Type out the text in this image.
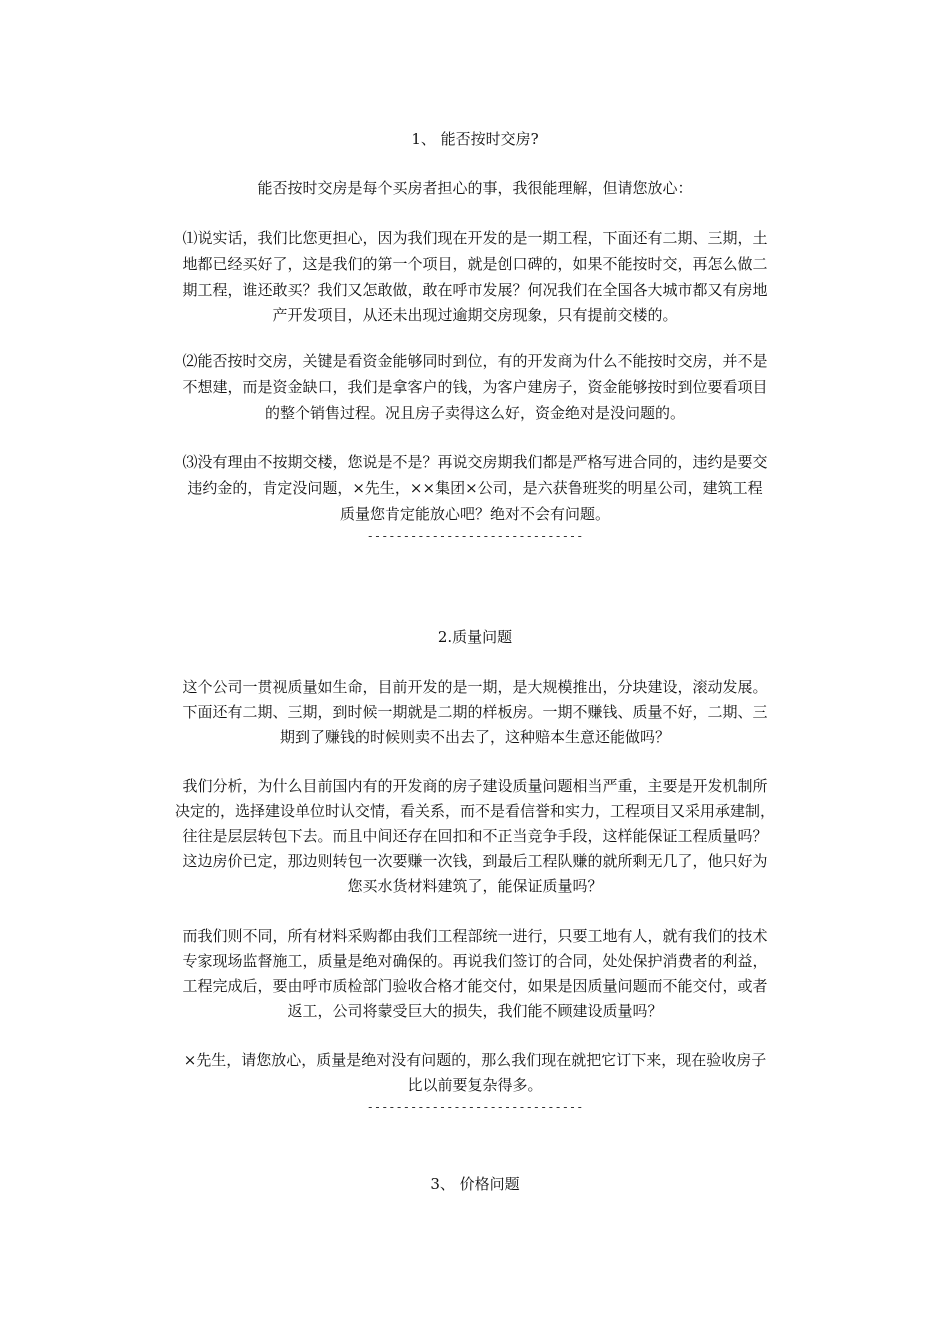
1、 能否按时交房?
能否按时交房是每个买房者担心的事，我很能理解，但请您放心：
⑴说实话，我们比您更担心，因为我们现在开发的是一期工程，下面还有二期、三期，土
地都已经买好了，这是我们的第一个项目，就是创口碑的，如果不能按时交，再怎么做二
期工程，谁还敢买？我们又怎敢做，敢在呼市发展？何况我们在全国各大城市都又有房地
产开发项目，从还未出现过逾期交房现象，只有提前交楼的。
⑵能否按时交房，关键是看资金能够同时到位，有的开发商为什么不能按时交房，并不是
不想建，而是资金缺口，我们是拿客户的钱，为客户建房子，资金能够按时到位要看项目
的整个销售过程。况且房子卖得这么好，资金绝对是没问题的。
⑶没有理由不按期交楼，您说是不是？再说交房期我们都是严格写进合同的，违约是要交
违约金的，肯定没问题，×先生，××集团×公司，是六获鲁班奖的明星公司，建筑工程
质量您肯定能放心吧？绝对不会有问题。
------------------------------
2.质量问题
这个公司一贯视质量如生命，目前开发的是一期，是大规模推出，分块建设，滚动发展。
下面还有二期、三期，到时候一期就是二期的样板房。一期不赚钱、质量不好，二期、三
期到了赚钱的时候则卖不出去了，这种赔本生意还能做吗？
我们分析，为什么目前国内有的开发商的房子建设质量问题相当严重，主要是开发机制所
决定的，选择建设单位时认交情，看关系，而不是看信誉和实力，工程项目又采用承建制，
往往是层层转包下去。而且中间还存在回扣和不正当竞争手段，这样能保证工程质量吗？
这边房价已定，那边则转包一次要赚一次钱，到最后工程队赚的就所剩无几了，他只好为
您买水货材料建筑了，能保证质量吗？
而我们则不同，所有材料采购都由我们工程部统一进行，只要工地有人，就有我们的技术
专家现场监督施工，质量是绝对确保的。再说我们签订的合同，处处保护消费者的利益，
工程完成后，要由呼市质检部门验收合格才能交付，如果是因质量问题而不能交付，或者
返工，公司将蒙受巨大的损失，我们能不顾建设质量吗？
×先生，请您放心，质量是绝对没有问题的，那么我们现在就把它订下来，现在验收房子
比以前要复杂得多。
------------------------------
3、 价格问题
